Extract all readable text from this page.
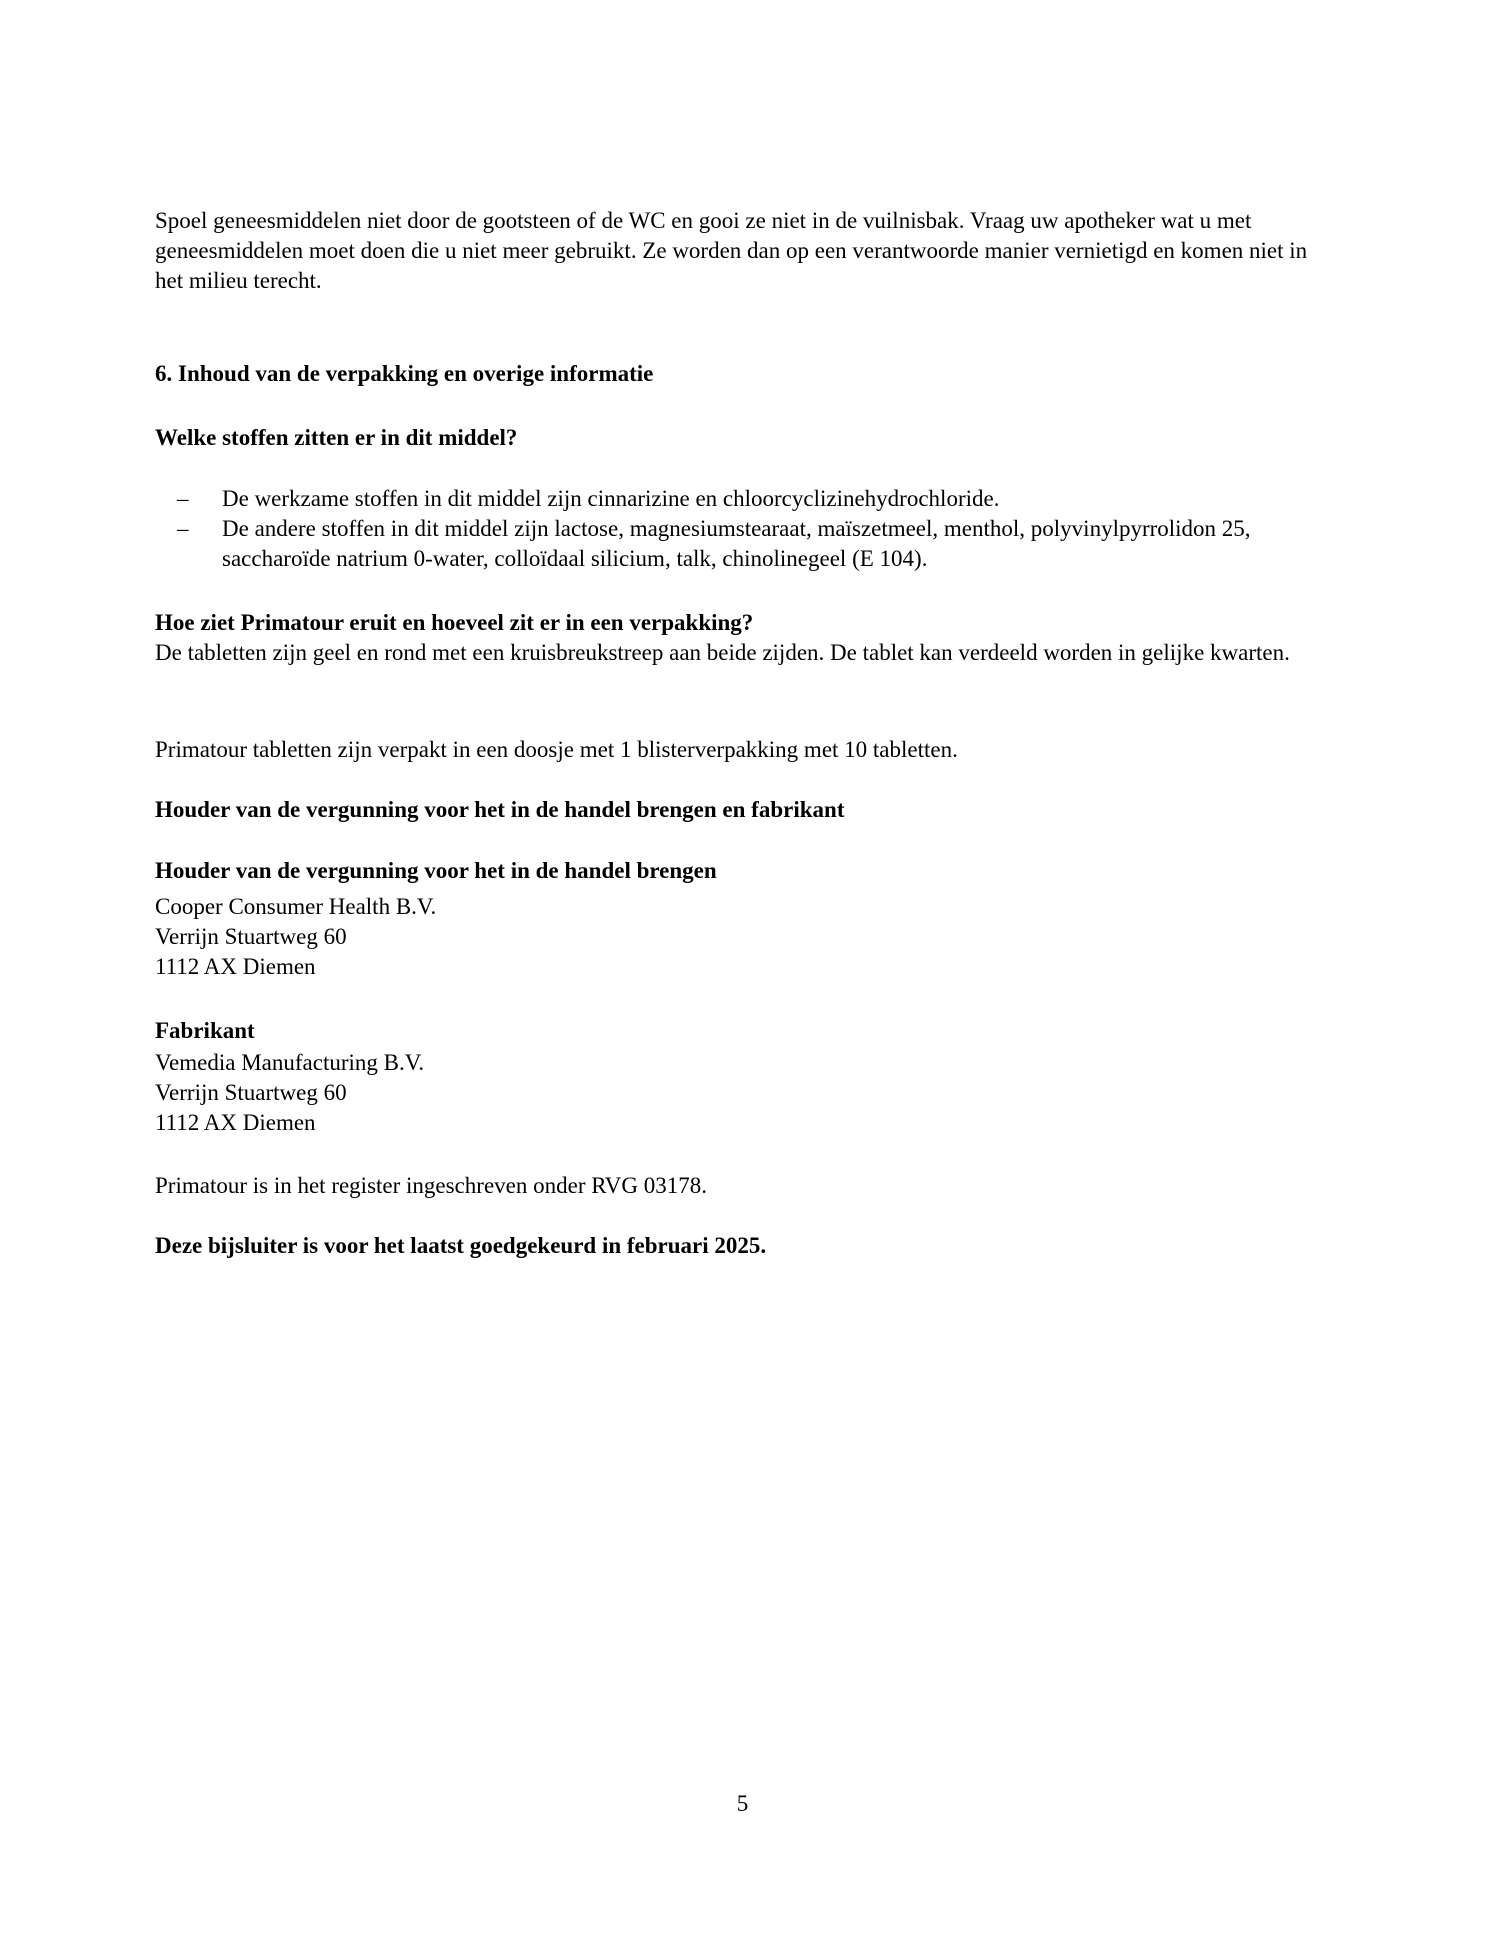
Spoel geneesmiddelen niet door de gootsteen of de WC en gooi ze niet in de vuilnisbak. Vraag uw apotheker wat u met geneesmiddelen moet doen die u niet meer gebruikt. Ze worden dan op een verantwoorde manier vernietigd en komen niet in het milieu terecht.

6. Inhoud van de verpakking en overige informatie

Welke stoffen zitten er in dit middel?

– De werkzame stoffen in dit middel zijn cinnarizine en chloorcyclizinehydrochloride.
– De andere stoffen in dit middel zijn lactose, magnesiumstearaat, maïszetmeel, menthol, polyvinylpyrrolidon 25,  saccharoïde natrium 0-water, colloïdaal silicium, talk, chinolinegeel (E 104).

Hoe ziet Primatour eruit en hoeveel zit er in een verpakking?

De tabletten zijn geel en rond met een kruisbreukstreep aan beide zijden. De tablet kan verdeeld worden in gelijke kwarten.

Primatour tabletten zijn verpakt in een doosje met 1 blisterverpakking met 10 tabletten.

Houder van de vergunning voor het in de handel brengen en fabrikant

Houder van de vergunning voor het in de handel brengen

Cooper Consumer Health B.V.
Verrijn Stuartweg 60
1112 AX Diemen

Fabrikant

Vemedia Manufacturing B.V.
Verrijn Stuartweg 60
1112 AX Diemen

Primatour is in het register ingeschreven onder RVG 03178.

Deze bijsluiter is voor het laatst goedgekeurd in februari 2025.

5
